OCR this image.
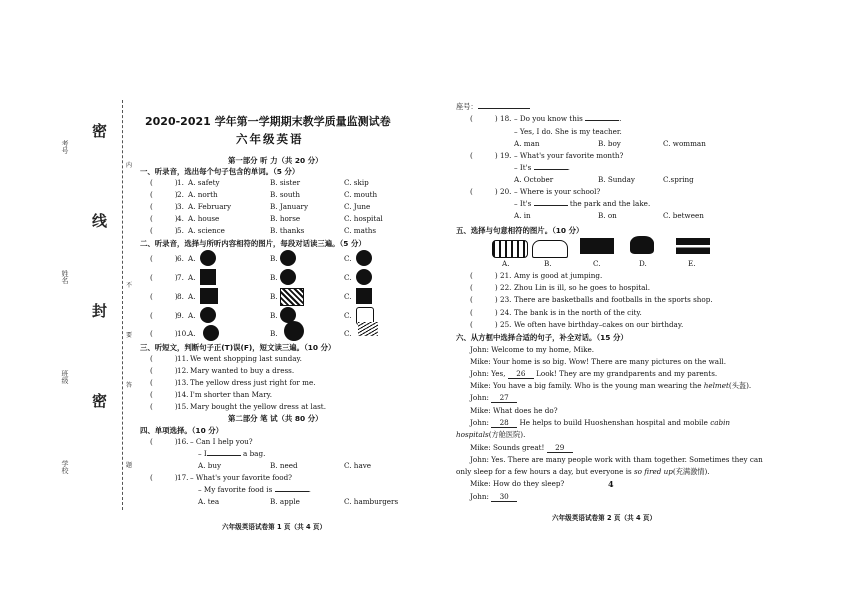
考号
姓名
班级
学校
密
线
封
密
内
不
要
答
题
2020-2021 学年第一学期期末教学质量监测试卷
六年级英语
第一部分 听 力（共 20 分）
一、听录音，选出每个句子包含的单词。（5 分）
(  )
1. A. safety	B. sister	C. skip
(  )
2. A. north	B. south	C. mouth
(  )
3. A. February	B. January	C. June
(  )
4. A. house	B. horse	C. hospital
(  )
5. A. science	B. thanks	C. maths
二、听录音，选择与所听内容相符的图片，每段对话读三遍。（5 分）
(  )
6. A.	B.	C.
(  )
7. A.	B.	C.
(  )
8. A.	B.	C.
(  )
9. A.	B.	C.
(  )
10. A.	B.	C.
三、听短文，判断句子正(T)误(F)，短文读三遍。（10 分）
(  )
11. We went shopping last sunday.
(  )
12. Mary wanted to buy a dress.
(  )
13. The yellow dress just right for me.
(  )
14. I'm shorter than Mary.
(  )
15. Mary bought the yellow dress at last.
第二部分 笔 试（共 80 分）
四、单项选择。（10 分）
(  )
16. – Can I help you?
– I	a bag.
A. buy	B. need	C. have
(  )
17. – What's your favorite food?
– My favorite food is	.
A. tea	B. apple	C. hamburgers
六年级英语试卷第 1 页（共 4 页）
座号：
(  )
18. – Do you know this	.
– Yes, I do. She is my teacher.
A. man	B. boy	C. womman
(  )
19. – What's your favorite month?
– It's	.
A. October	B. Sunday	C.spring
(  )
20. – Where is your school?
– It's	the park and the lake.
A. in	B. on	C. between
五、选择与句意相符的图片。（10 分）
A.	B.	C.	D.	E.
(  )
21. Amy is good at jumping.
(  )
22. Zhou Lin is ill, so he goes to hospital.
(  )
23. There are basketballs and footballs in the sports shop.
(  )
24. The bank is in the north of the city.
(  )
25. We often have birthday–cakes on our birthday.
六、从方框中选择合适的句子，补全对话。（15 分）
John: Welcome to my home, Mike.
Mike: Your home is so big. Wow! There are many pictures on the wall.
John: Yes, 26 Look! They are my grandparents and my parents.
Mike: You have a big family. Who is the young man wearing the helmet(头盔).
John: 27
Mike: What does he do?
John: 28 He helps to build Huoshenshan hospital and mobile cabin
hospitals(方舱医院).
Mike: Sounds great! 29
John: Yes. There are many people work with tham together. Sometimes they can
only sleep for a few hours a day, but everyone is so fired up(充满激情).
Mike: How do they sleep?
John: 30
4
六年级英语试卷第 2 页（共 4 页）
